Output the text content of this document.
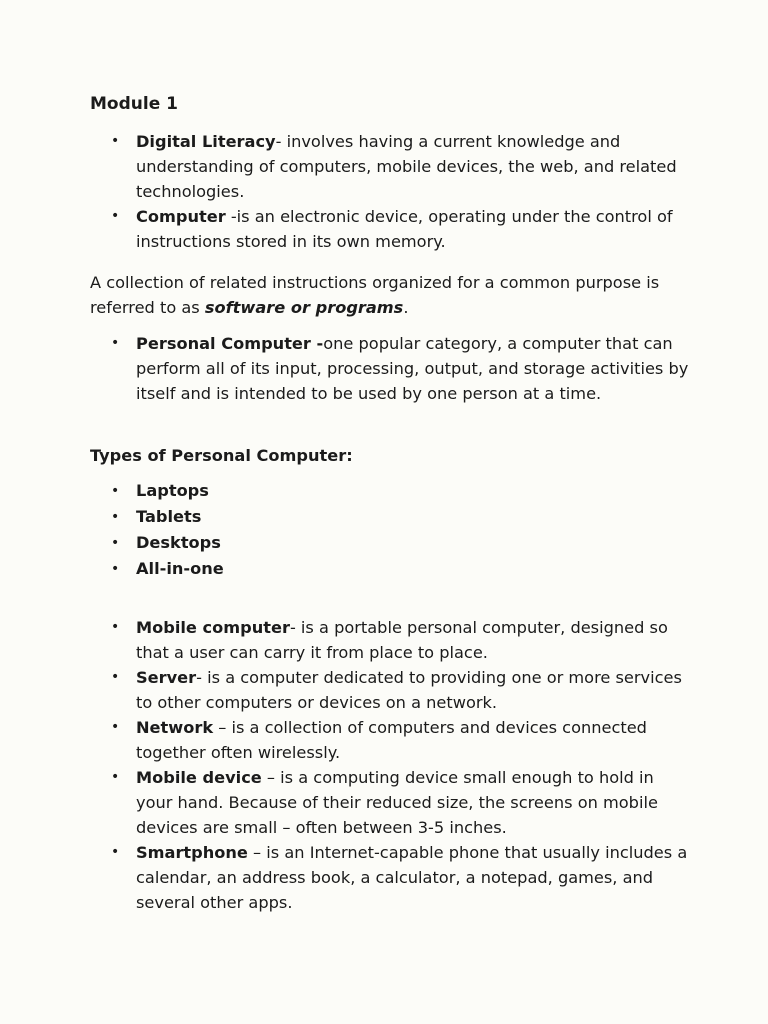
Module 1
• Digital Literacy- involves having a current knowledge and understanding of computers, mobile devices, the web, and related technologies.
• Computer -is an electronic device, operating under the control of instructions stored in its own memory.

A collection of related instructions organized for a common purpose is referred to as software or programs.

• Personal Computer -one popular category, a computer that can perform all of its input, processing, output, and storage activities by itself and is intended to be used by one person at a time.
Types of Personal Computer:
• Laptops
• Tablets
• Desktops
• All-in-one
• Mobile computer- is a portable personal computer, designed so that a user can carry it from place to place.
• Server- is a computer dedicated to providing one or more services to other computers or devices on a network.
• Network – is a collection of computers and devices connected together often wirelessly.
• Mobile device – is a computing device small enough to hold in your hand. Because of their reduced size, the screens on mobile devices are small – often between 3-5 inches.
• Smartphone – is an Internet-capable phone that usually includes a calendar, an address book, a calculator, a notepad, games, and several other apps.
